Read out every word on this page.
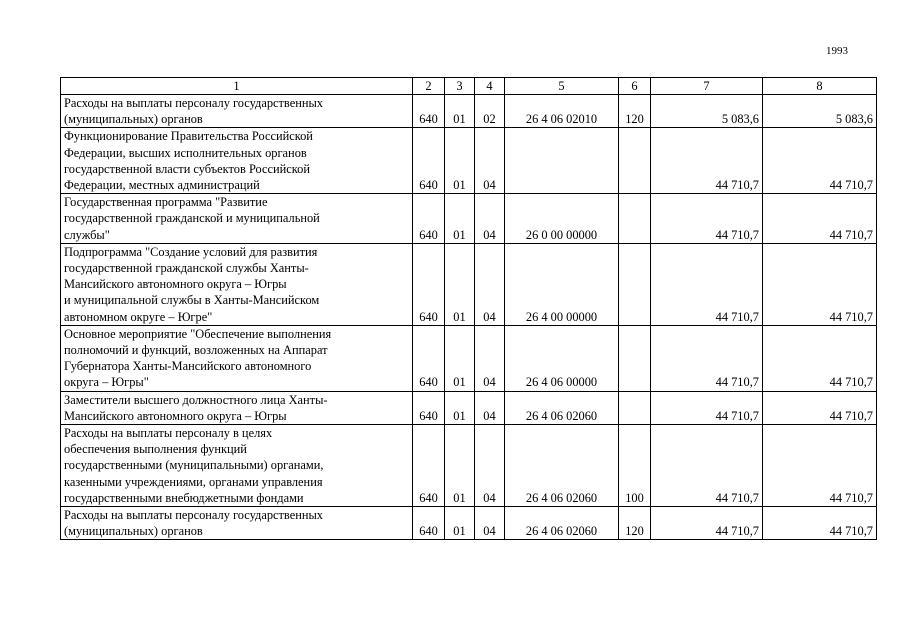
1993
1	2	3	4	5	6	7	8

Расходы на выплаты персоналу государственных
(муниципальных) органов	640	01	02	26 4 06 02010	120	5 083,6	5 083,6

Функционирование Правительства Российской
Федерации, высших исполнительных органов
государственной власти субъектов Российской
Федерации, местных администраций	640	01	04			44 710,7	44 710,7

Государственная программа "Развитие
государственной гражданской и муниципальной
службы"	640	01	04	26 0 00 00000		44 710,7	44 710,7

Подпрограмма "Создание условий для развития
государственной гражданской службы Ханты-
Мансийского автономного округа – Югры
и муниципальной службы в Ханты-Мансийском
автономном округе – Югре"	640	01	04	26 4 00 00000		44 710,7	44 710,7

Основное мероприятие "Обеспечение выполнения
полномочий и функций, возложенных на Аппарат
Губернатора Ханты-Мансийского автономного
округа – Югры"	640	01	04	26 4 06 00000		44 710,7	44 710,7

Заместители высшего должностного лица Ханты-
Мансийского автономного округа – Югры	640	01	04	26 4 06 02060		44 710,7	44 710,7

Расходы на выплаты персоналу в целях
обеспечения выполнения функций
государственными (муниципальными) органами,
казенными учреждениями, органами управления
государственными внебюджетными фондами	640	01	04	26 4 06 02060	100	44 710,7	44 710,7

Расходы на выплаты персоналу государственных
(муниципальных) органов	640	01	04	26 4 06 02060	120	44 710,7	44 710,7
